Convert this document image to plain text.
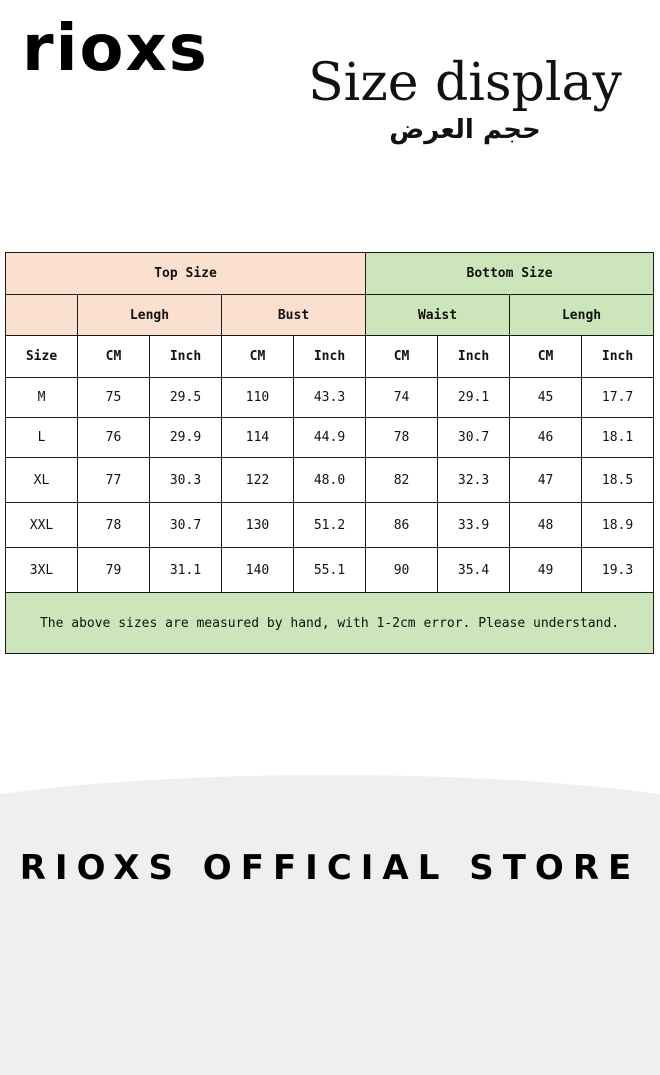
rioxs	Size display
حجم العرض
Top Size					Bottom Size			
	Lengh		Bust		Waist		Lengh	
Size	CM	Inch	CM	Inch	CM	Inch	CM	Inch
M	75	29.5	110	43.3	74	29.1	45	17.7
L	76	29.9	114	44.9	78	30.7	46	18.1
XL	77	30.3	122	48.0	82	32.3	47	18.5
XXL	78	30.7	130	51.2	86	33.9	48	18.9
3XL	79	31.1	140	55.1	90	35.4	49	19.3
The above sizes are measured by hand, with 1-2cm error. Please understand.								
RIOXS OFFICIAL STORE
